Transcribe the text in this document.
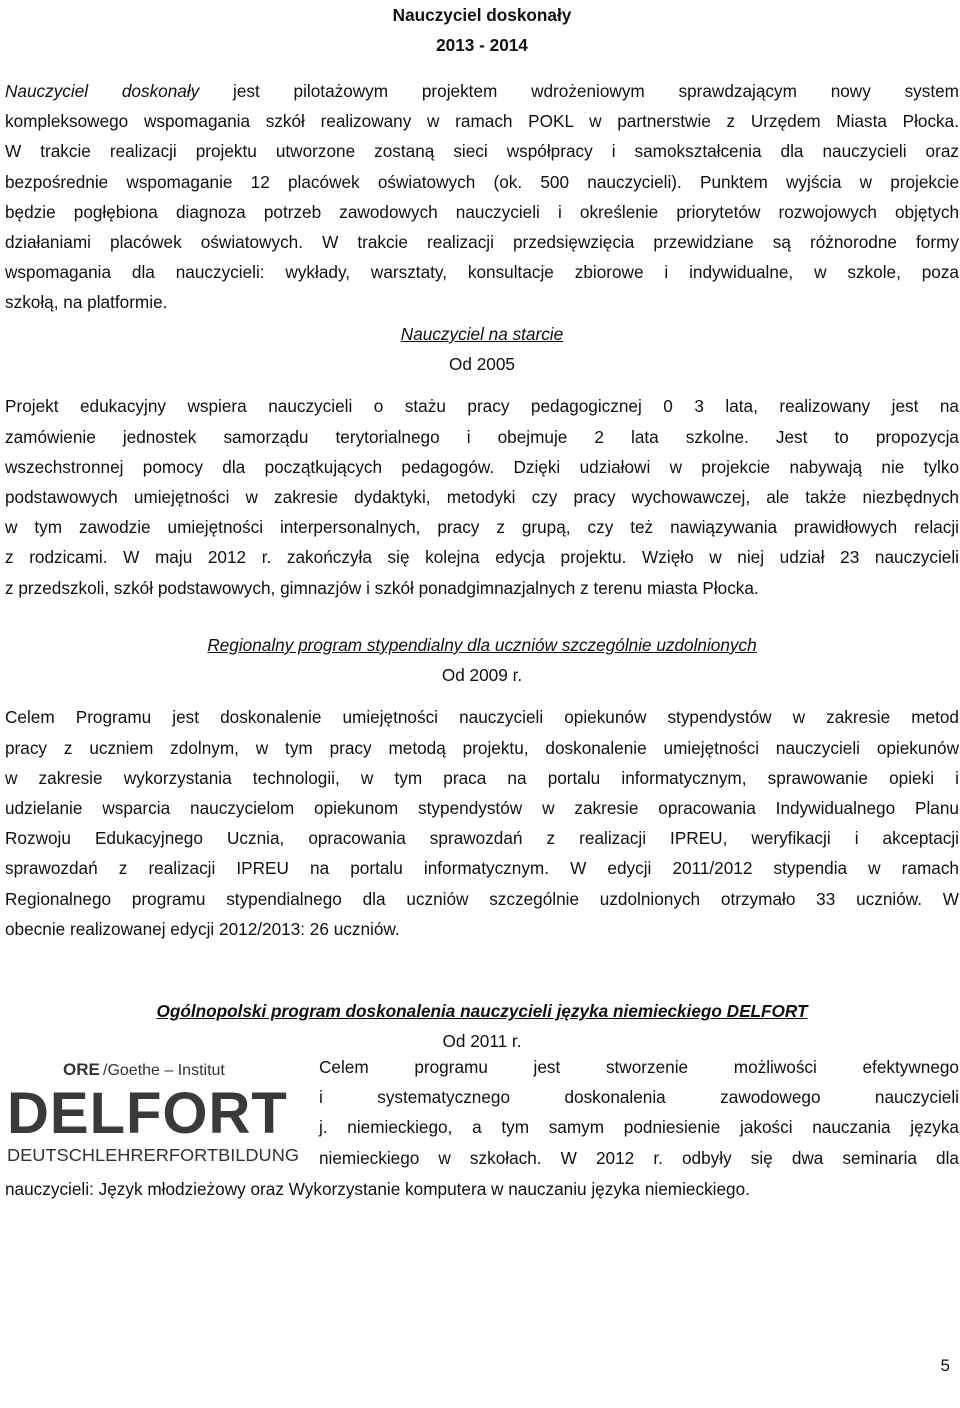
Nauczyciel doskonały
2013 - 2014
Nauczyciel doskonały jest pilotażowym projektem wdrożeniowym sprawdzającym nowy system
kompleksowego wspomagania szkół realizowany w ramach POKL w partnerstwie z Urzędem Miasta Płocka.
W trakcie realizacji projektu utworzone zostaną sieci współpracy i samokształcenia dla nauczycieli oraz
bezpośrednie wspomaganie 12 placówek oświatowych (ok. 500 nauczycieli). Punktem wyjścia w projekcie
będzie pogłębiona diagnoza potrzeb zawodowych nauczycieli i określenie priorytetów rozwojowych objętych
działaniami placówek oświatowych. W trakcie realizacji przedsięwzięcia przewidziane są różnorodne formy
wspomagania dla nauczycieli: wykłady, warsztaty, konsultacje zbiorowe i indywidualne, w szkole, poza
szkołą, na platformie.
Nauczyciel na starcie
Od 2005
Projekt edukacyjny wspiera nauczycieli o stażu pracy pedagogicznej 0 3 lata, realizowany jest na
zamówienie jednostek samorządu terytorialnego i obejmuje 2 lata szkolne. Jest to propozycja
wszechstronnej pomocy dla początkujących pedagogów. Dzięki udziałowi w projekcie nabywają nie tylko
podstawowych umiejętności w zakresie dydaktyki, metodyki czy pracy wychowawczej, ale także niezbędnych
w tym zawodzie umiejętności interpersonalnych, pracy z grupą, czy też nawiązywania prawidłowych relacji
z rodzicami. W maju 2012 r. zakończyła się kolejna edycja projektu. Wzięło w niej udział 23 nauczycieli
z przedszkoli, szkół podstawowych, gimnazjów i szkół ponadgimnazjalnych z terenu miasta Płocka.
Regionalny program stypendialny dla uczniów szczególnie uzdolnionych
Od 2009 r.
Celem Programu jest doskonalenie umiejętności nauczycieli opiekunów stypendystów w zakresie metod
pracy z uczniem zdolnym, w tym pracy metodą projektu, doskonalenie umiejętności nauczycieli opiekunów
w zakresie wykorzystania technologii, w tym praca na portalu informatycznym, sprawowanie opieki i
udzielanie wsparcia nauczycielom opiekunom stypendystów w zakresie opracowania Indywidualnego Planu
Rozwoju Edukacyjnego Ucznia, opracowania sprawozdań z realizacji IPREU, weryfikacji i akceptacji
sprawozdań z realizacji IPREU na portalu informatycznym. W edycji 2011/2012 stypendia w ramach
Regionalnego programu stypendialnego dla uczniów szczególnie uzdolnionych otrzymało 33 uczniów. W
obecnie realizowanej edycji 2012/2013: 26 uczniów.
Ogólnopolski program doskonalenia nauczycieli języka niemieckiego DELFORT
Od 2011 r.
ORE /Goethe – Institut
DELFORT
DEUTSCHLEHRERFORTBILDUNG
Celem programu jest stworzenie możliwości efektywnego
i systematycznego doskonalenia zawodowego nauczycieli
j. niemieckiego, a tym samym podniesienie jakości nauczania języka
niemieckiego w szkołach. W 2012 r. odbyły się dwa seminaria dla
nauczycieli: Język młodzieżowy oraz Wykorzystanie komputera w nauczaniu języka niemieckiego.
5
